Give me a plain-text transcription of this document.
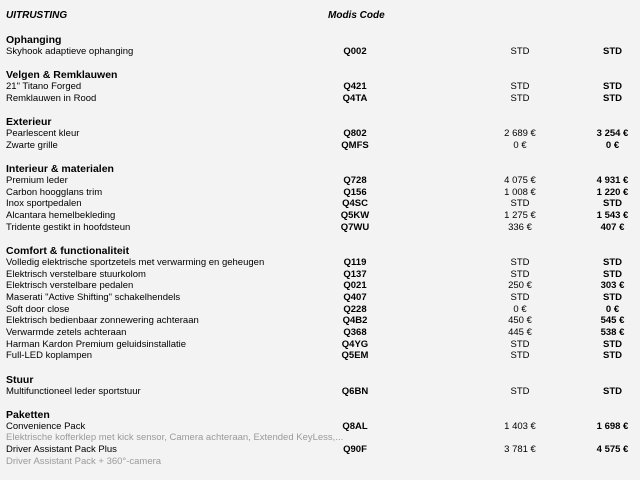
UITRUSTING	Modis Code
Ophanging
Skyhook adaptieve ophanging	Q002	STD	STD
Velgen & Remklauwen
21" Titano Forged	Q421	STD	STD
Remklauwen in Rood	Q4TA	STD	STD
Exterieur
Pearlescent kleur	Q802	2 689 €	3 254 €
Zwarte grille	QMFS	0 €	0 €
Interieur & materialen
Premium leder	Q728	4 075 €	4 931 €
Carbon hoogglans trim	Q156	1 008 €	1 220 €
Inox sportpedalen	Q4SC	STD	STD
Alcantara hemelbekleding	Q5KW	1 275 €	1 543 €
Tridente gestikt in hoofdsteun	Q7WU	336 €	407 €
Comfort & functionaliteit
Volledig elektrische sportzetels met verwarming en geheugen	Q119	STD	STD
Elektrisch verstelbare stuurkolom	Q137	STD	STD
Elektrisch verstelbare pedalen	Q021	250 €	303 €
Maserati "Active Shifting" schakelhendels	Q407	STD	STD
Soft door close	Q228	0 €	0 €
Elektrisch bedienbaar zonnewering achteraan	Q4B2	450 €	545 €
Verwarmde zetels achteraan	Q368	445 €	538 €
Harman Kardon Premium geluidsinstallatie	Q4YG	STD	STD
Full-LED koplampen	Q5EM	STD	STD
Stuur
Multifunctioneel leder sportstuur	Q6BN	STD	STD
Paketten
Convenience Pack	Q8AL	1 403 €	1 698 €
Elektrische kofferklep met kick sensor, Camera achteraan, Extended KeyLess,...
Driver Assistant Pack Plus	Q90F	3 781 €	4 575 €
Driver Assistant Pack + 360°-camera
